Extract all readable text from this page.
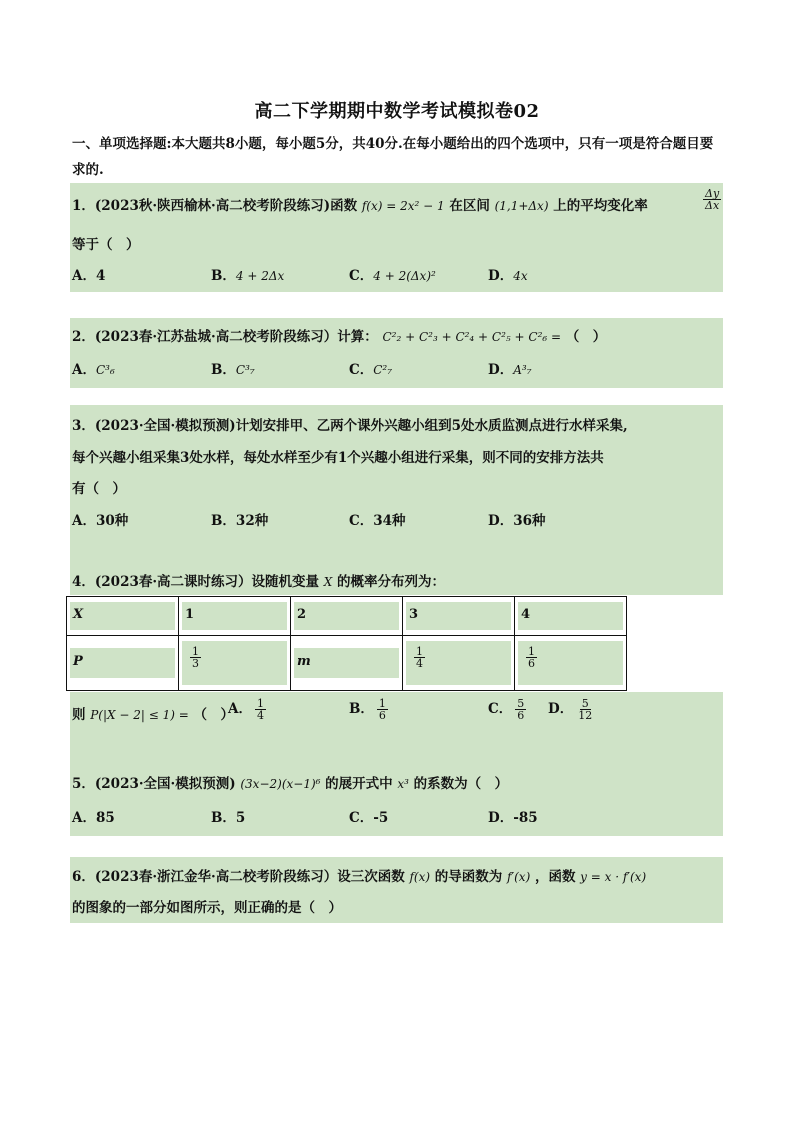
高二下学期期中数学考试模拟卷02
一、单项选择题:本大题共8小题，每小题5分，共40分.在每小题给出的四个选项中，只有一项是符合题目要求的.
1．(2023秋·陕西榆林·高二校考阶段练习)函数 f(x) = 2x² − 1 在区间 (1,1+Δx) 上的平均变化率	$\frac{\Delta y}{\Delta x}$
等于（　）
A．4	B．4 + 2Δx	C．4 + 2(Δx)²	D．4x
2．(2023春·江苏盐城·高二校考阶段练习）计算： C²₂ + C²₃ + C²₄ + C²₅ + C²₆ = （　）
A．C³₆	B．C³₇	C．C²₇	D．A³₇
3．(2023·全国·模拟预测)计划安排甲、乙两个课外兴趣小组到5处水质监测点进行水样采集,
每个兴趣小组采集3处水样，每处水样至少有1个兴趣小组进行采集，则不同的安排方法共
有（　）
A．30种	B．32种	C．34种	D．36种
4．(2023春·高二课时练习）设随机变量 X 的概率分布列为：
X	1	2	3	4

P	$\frac{1}{3}$	m	$\frac{1}{4}$	$\frac{1}{6}$
则 P(|X − 2| ≤ 1) = （　）
A． $\frac{1}{4}$	B． $\frac{1}{6}$	C． $\frac{5}{6}$ D． $\frac{5}{12}$
5．(2023·全国·模拟预测) (3x−2)(x−1)⁶ 的展开式中 x³ 的系数为（　）
A．85	B．5	C．-5	D．-85
6．(2023春·浙江金华·高二校考阶段练习）设三次函数 f(x) 的导函数为 f′(x) ，函数 y = x · f′(x)
的图象的一部分如图所示，则正确的是（　）
